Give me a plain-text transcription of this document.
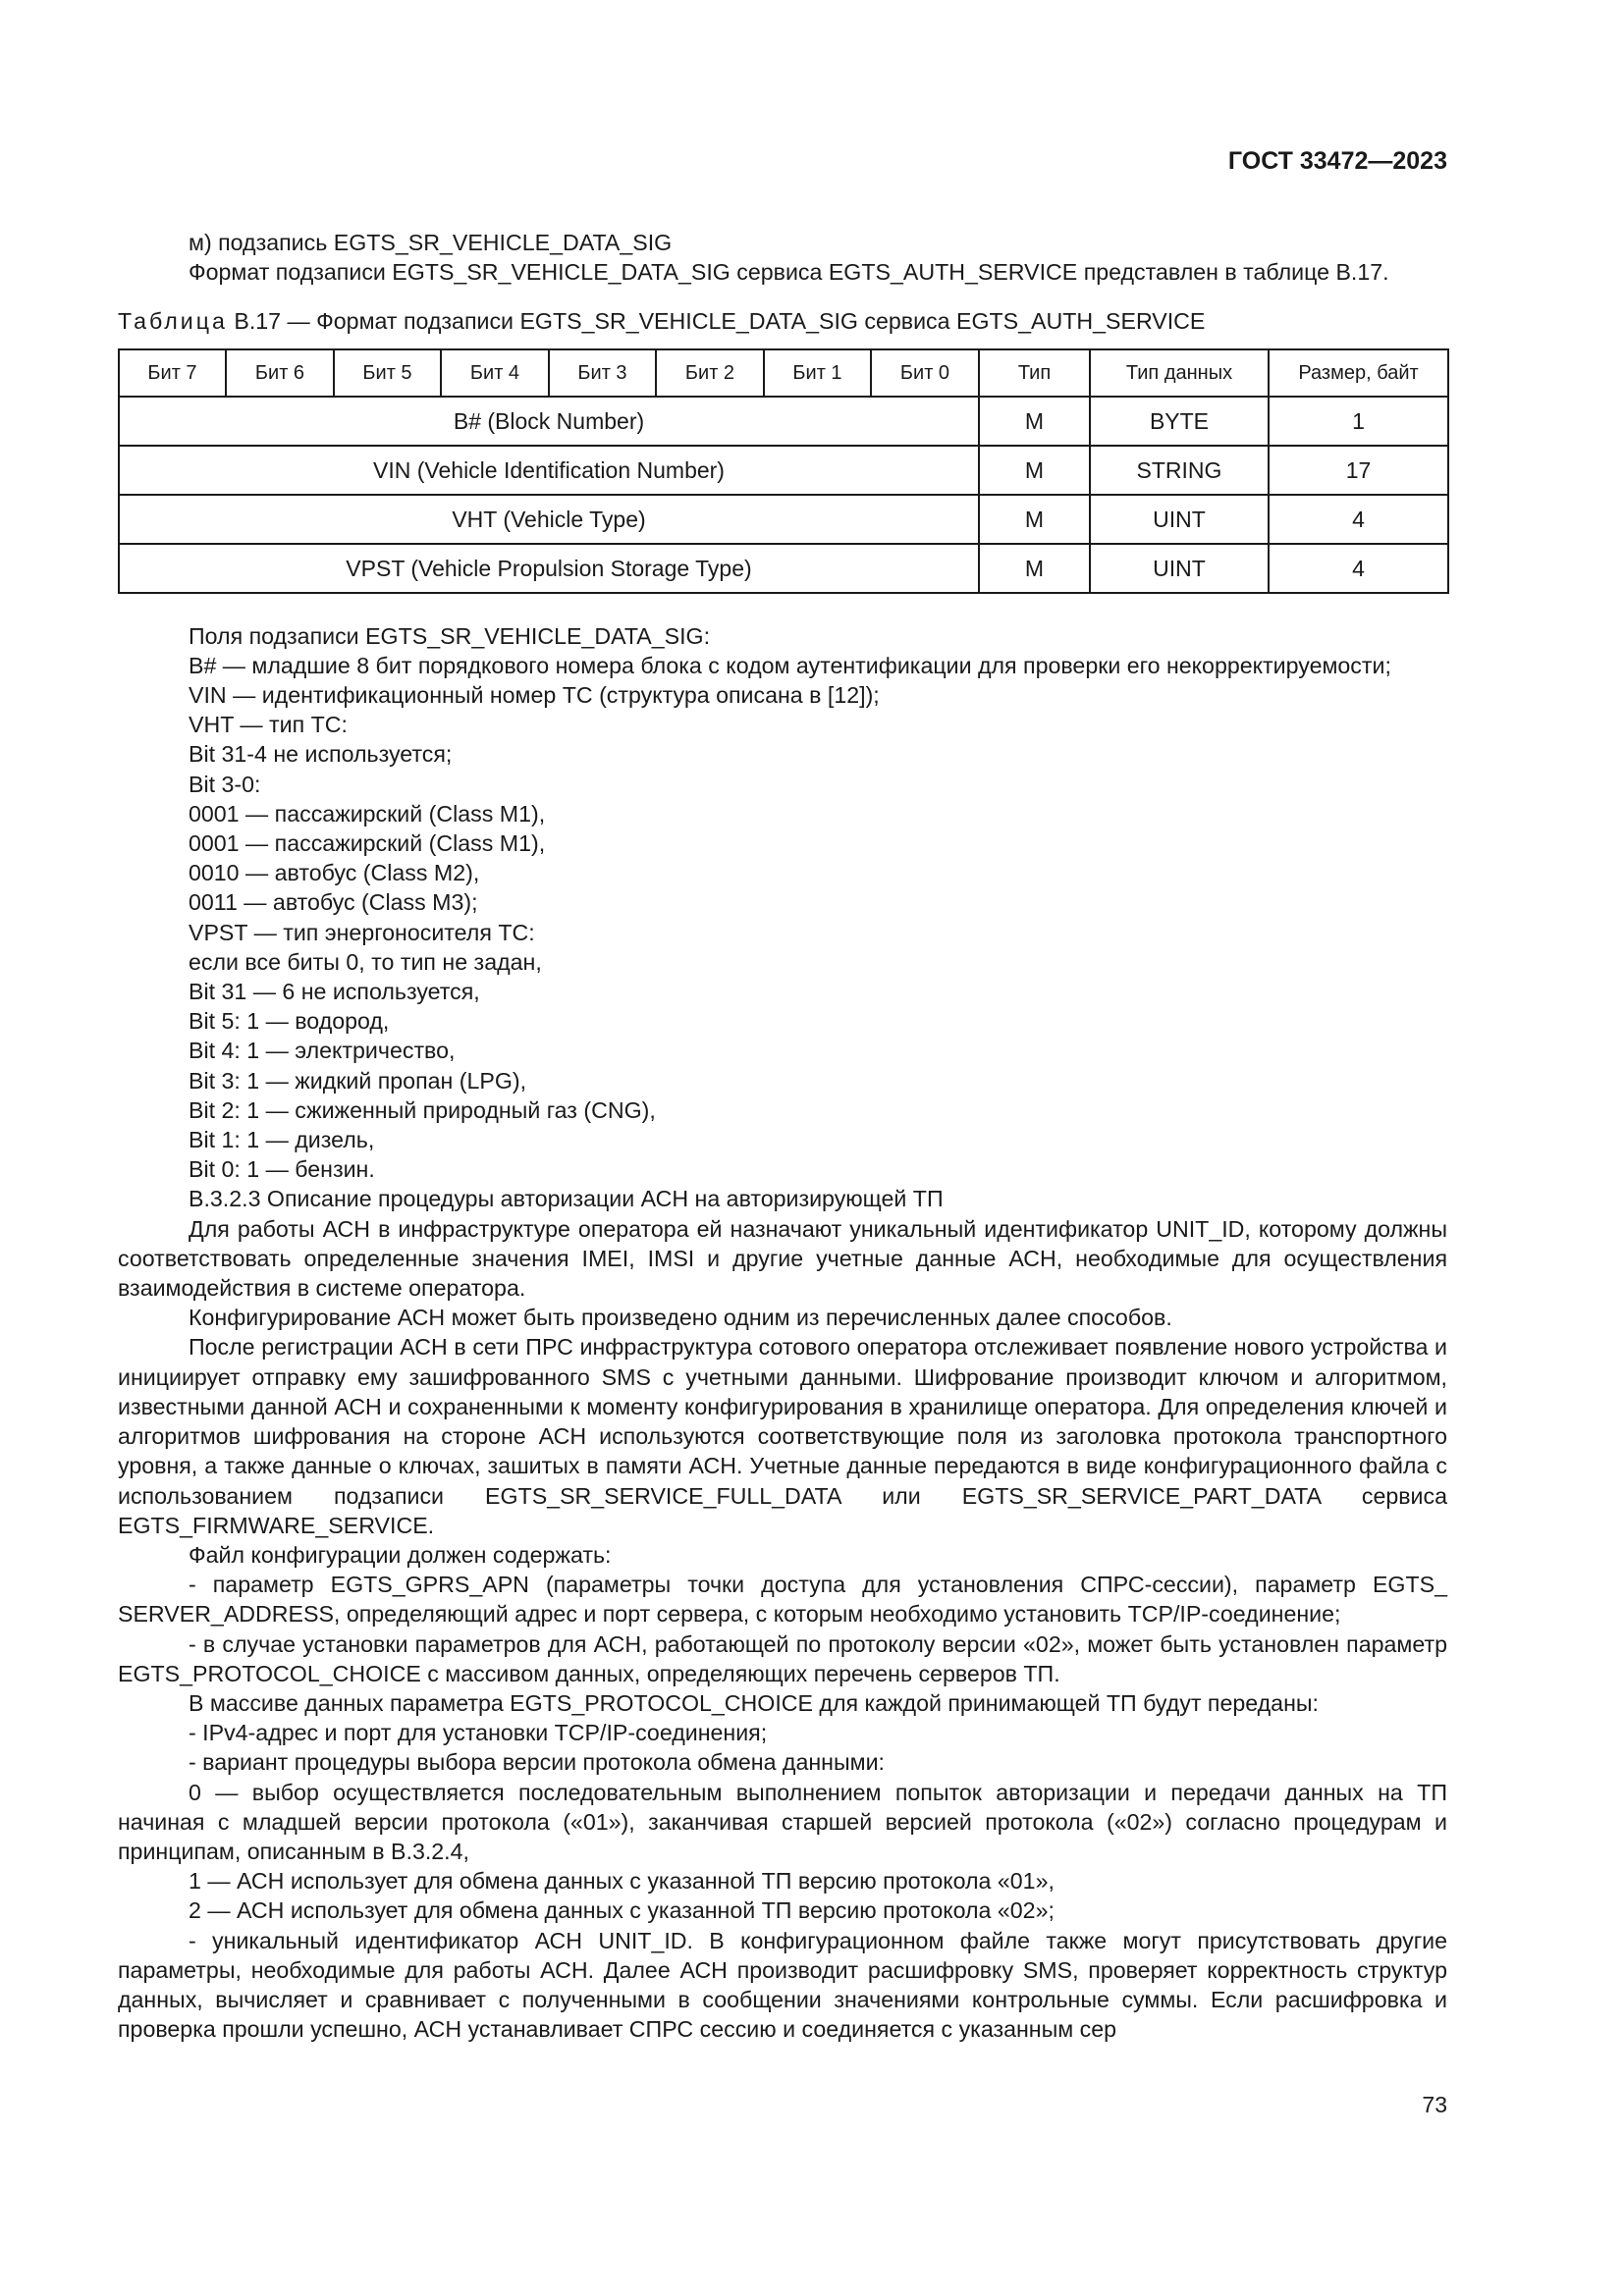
ГОСТ 33472—2023

м) подзапись EGTS_SR_VEHICLE_DATA_SIG

Формат подзаписи EGTS_SR_VEHICLE_DATA_SIG сервиса EGTS_AUTH_SERVICE представлен в таблице В.17.

Таблица В.17 — Формат подзаписи EGTS_SR_VEHICLE_DATA_SIG сервиса EGTS_AUTH_SERVICE

Бит 7	Бит 6	Бит 5	Бит 4	Бит 3	Бит 2	Бит 1	Бит 0	Тип	Тип данных	Размер, байт
B# (Block Number)								M	BYTE	1
VIN (Vehicle Identification Number)								M	STRING	17
VHT (Vehicle Type)								M	UINT	4
VPST (Vehicle Propulsion Storage Type)								M	UINT	4

Поля подзаписи EGTS_SR_VEHICLE_DATA_SIG:

B# — младшие 8 бит порядкового номера блока с кодом аутентификации для проверки его некорректируемости;

VIN — идентификационный номер ТС (структура описана в [12]);

VHT — тип ТС:

Bit 31-4 не используется;

Bit 3-0:

0001 — пассажирский (Class M1),

0001 — пассажирский (Class M1),

0010 — автобус (Class M2),

0011 — автобус (Class M3);

VPST — тип энергоносителя ТС:

если все биты 0, то тип не задан,

Bit 31 — 6 не используется,

Bit 5: 1 — водород,

Bit 4: 1 — электричество,

Bit 3: 1 — жидкий пропан (LPG),

Bit 2: 1 — сжиженный природный газ (CNG),

Bit 1: 1 — дизель,

Bit 0: 1 — бензин.

В.3.2.3 Описание процедуры авторизации АСН на авторизирующей ТП

Для работы АСН в инфраструктуре оператора ей назначают уникальный идентификатор UNIT_ID, которому должны соответствовать определенные значения IMEI, IMSI и другие учетные данные АСН, необходимые для осуществления взаимодействия в системе оператора.

Конфигурирование АСН может быть произведено одним из перечисленных далее способов.

После регистрации АСН в сети ПРС инфраструктура сотового оператора отслеживает появление нового устройства и инициирует отправку ему зашифрованного SMS с учетными данными. Шифрование производит ключом и алгоритмом, известными данной АСН и сохраненными к моменту конфигурирования в хранилище оператора. Для определения ключей и алгоритмов шифрования на стороне АСН используются соответствующие поля из заголовка протокола транспортного уровня, а также данные о ключах, зашитых в памяти АСН. Учетные данные передаются в виде конфигурационного файла с использованием подзаписи EGTS_SR_SERVICE_FULL_DATA или EGTS_SR_SERVICE_PART_DATA сервиса EGTS_FIRMWARE_SERVICE.

Файл конфигурации должен содержать:

- параметр EGTS_GPRS_APN (параметры точки доступа для установления СПРС-сессии), параметр EGTS_​SERVER_ADDRESS, определяющий адрес и порт сервера, с которым необходимо установить TCP/IP-соединение;

- в случае установки параметров для АСН, работающей по протоколу версии «02», может быть установлен параметр EGTS_PROTOCOL_CHOICE с массивом данных, определяющих перечень серверов ТП.

В массиве данных параметра EGTS_PROTOCOL_CHOICE для каждой принимающей ТП будут переданы:

- IPv4-адрес и порт для установки TCP/IP-соединения;

- вариант процедуры выбора версии протокола обмена данными:

0 — выбор осуществляется последовательным выполнением попыток авторизации и передачи данных на ТП начиная с младшей версии протокола («01»), заканчивая старшей версией протокола («02») согласно процедурам и принципам, описанным в В.3.2.4,

1 — АСН использует для обмена данных с указанной ТП версию протокола «01»,

2 — АСН использует для обмена данных с указанной ТП версию протокола «02»;

- уникальный идентификатор АСН UNIT_ID. В конфигурационном файле также могут присутствовать другие параметры, необходимые для работы АСН. Далее АСН производит расшифровку SMS, проверяет корректность структур данных, вычисляет и сравнивает с полученными в сообщении значениями контрольные суммы. Если расшифровка и проверка прошли успешно, АСН устанавливает СПРС сессию и соединяется с указанным сер

73
